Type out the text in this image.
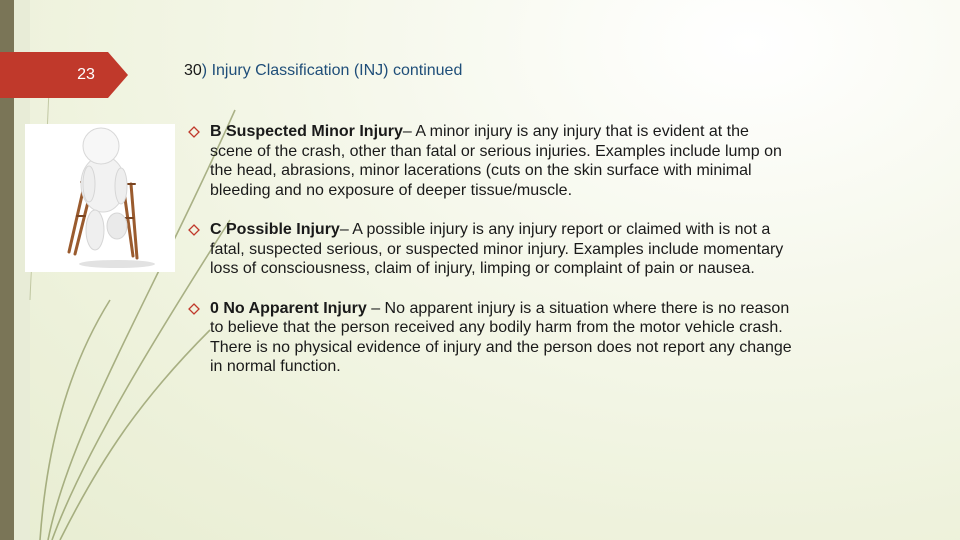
23	30) Injury Classification (INJ) continued

B Suspected Minor Injury– A minor injury is any injury that is evident at the scene of the crash, other than fatal or serious injuries. Examples include lump on the head, abrasions, minor lacerations (cuts on the skin surface with minimal bleeding and no exposure of deeper tissue/muscle.

C Possible Injury– A possible injury is any injury report or claimed with is not a fatal, suspected serious, or suspected minor injury. Examples include momentary loss of consciousness, claim of injury, limping or complaint of pain or nausea.

0 No Apparent Injury – No apparent injury is a situation where there is no reason to believe that the person received any bodily harm from the motor vehicle crash. There is no physical evidence of injury and the person does not report any change in normal function.
